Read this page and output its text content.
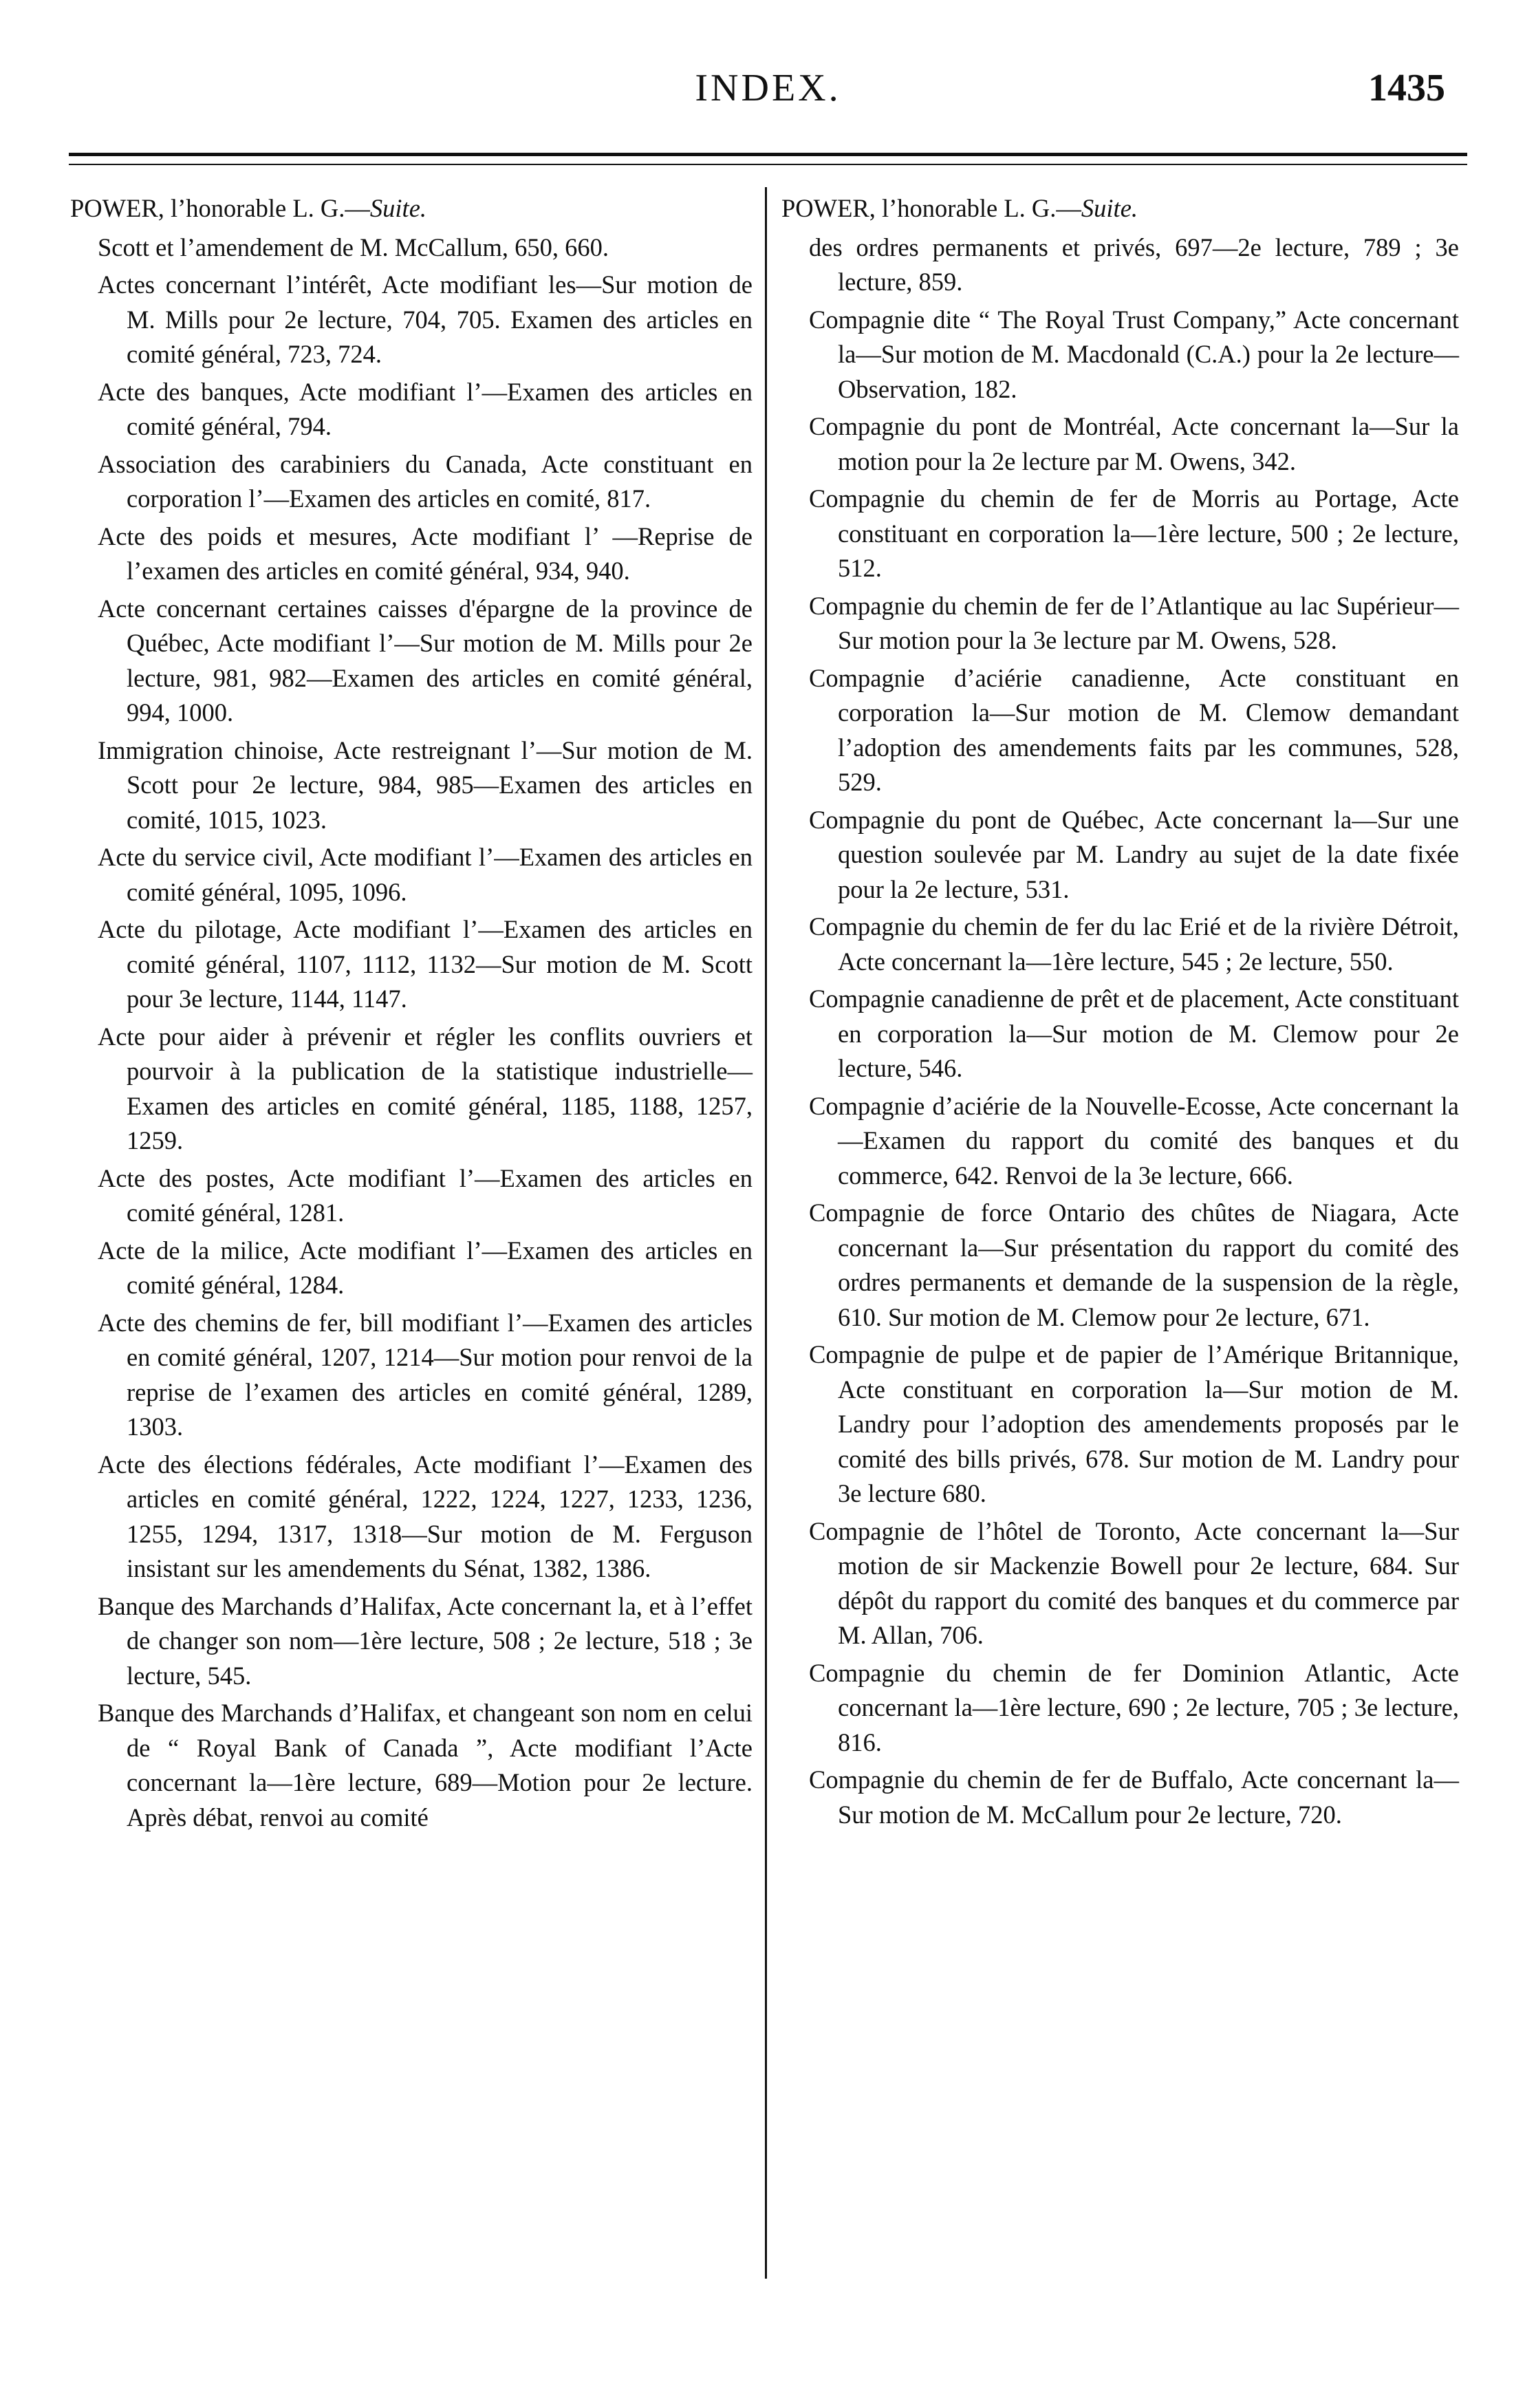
INDEX.	1435

POWER, l’honorable L. G.—Suite.

Scott et l’amendement de M. McCallum, 650, 660.

Actes concernant l’intérêt, Acte modifiant les—Sur motion de M. Mills pour 2e lecture, 704, 705. Examen des articles en comité général, 723, 724.

Acte des banques, Acte modifiant l’—Examen des articles en comité général, 794.

Association des carabiniers du Canada, Acte constituant en corporation l’—Examen des articles en comité, 817.

Acte des poids et mesures, Acte modifiant l’ —Reprise de l’examen des articles en comité général, 934, 940.

Acte concernant certaines caisses d'épargne de la province de Québec, Acte modifiant l’—Sur motion de M. Mills pour 2e lecture, 981, 982—Examen des articles en comité général, 994, 1000.

Immigration chinoise, Acte restreignant l’—Sur motion de M. Scott pour 2e lecture, 984, 985—Examen des articles en comité, 1015, 1023.

Acte du service civil, Acte modifiant l’—Examen des articles en comité général, 1095, 1096.

Acte du pilotage, Acte modifiant l’—Examen des articles en comité général, 1107, 1112, 1132—Sur motion de M. Scott pour 3e lecture, 1144, 1147.

Acte pour aider à prévenir et régler les conflits ouvriers et pourvoir à la publication de la statistique industrielle—Examen des articles en comité général, 1185, 1188, 1257, 1259.

Acte des postes, Acte modifiant l’—Examen des articles en comité général, 1281.

Acte de la milice, Acte modifiant l’—Examen des articles en comité général, 1284.

Acte des chemins de fer, bill modifiant l’—Examen des articles en comité général, 1207, 1214—Sur motion pour renvoi de la reprise de l’examen des articles en comité général, 1289, 1303.

Acte des élections fédérales, Acte modifiant l’—Examen des articles en comité général, 1222, 1224, 1227, 1233, 1236, 1255, 1294, 1317, 1318—Sur motion de M. Ferguson insistant sur les amendements du Sénat, 1382, 1386.

Banque des Marchands d’Halifax, Acte concernant la, et à l’effet de changer son nom—1ère lecture, 508 ; 2e lecture, 518 ; 3e lecture, 545.

Banque des Marchands d’Halifax, et changeant son nom en celui de “ Royal Bank of Canada ”, Acte modifiant l’Acte concernant la—1ère lecture, 689—Motion pour 2e lecture. Après débat, renvoi au comité

POWER, l’honorable L. G.—Suite.

des ordres permanents et privés, 697—2e lecture, 789 ; 3e lecture, 859.

Compagnie dite “ The Royal Trust Company,” Acte concernant la—Sur motion de M. Macdonald (C.A.) pour la 2e lecture—Observation, 182.

Compagnie du pont de Montréal, Acte concernant la—Sur la motion pour la 2e lecture par M. Owens, 342.

Compagnie du chemin de fer de Morris au Portage, Acte constituant en corporation la—1ère lecture, 500 ; 2e lecture, 512.

Compagnie du chemin de fer de l’Atlantique au lac Supérieur—Sur motion pour la 3e lecture par M. Owens, 528.

Compagnie d’aciérie canadienne, Acte constituant en corporation la—Sur motion de M. Clemow demandant l’adoption des amendements faits par les communes, 528, 529.

Compagnie du pont de Québec, Acte concernant la—Sur une question soulevée par M. Landry au sujet de la date fixée pour la 2e lecture, 531.

Compagnie du chemin de fer du lac Erié et de la rivière Détroit, Acte concernant la—1ère lecture, 545 ; 2e lecture, 550.

Compagnie canadienne de prêt et de placement, Acte constituant en corporation la—Sur motion de M. Clemow pour 2e lecture, 546.

Compagnie d’aciérie de la Nouvelle-Ecosse, Acte concernant la—Examen du rapport du comité des banques et du commerce, 642. Renvoi de la 3e lecture, 666.

Compagnie de force Ontario des chûtes de Niagara, Acte concernant la—Sur présentation du rapport du comité des ordres permanents et demande de la suspension de la règle, 610. Sur motion de M. Clemow pour 2e lecture, 671.

Compagnie de pulpe et de papier de l’Amérique Britannique, Acte constituant en corporation la—Sur motion de M. Landry pour l’adoption des amendements proposés par le comité des bills privés, 678. Sur motion de M. Landry pour 3e lecture 680.

Compagnie de l’hôtel de Toronto, Acte concernant la—Sur motion de sir Mackenzie Bowell pour 2e lecture, 684. Sur dépôt du rapport du comité des banques et du commerce par M. Allan, 706.

Compagnie du chemin de fer Dominion Atlantic, Acte concernant la—1ère lecture, 690 ; 2e lecture, 705 ; 3e lecture, 816.

Compagnie du chemin de fer de Buffalo, Acte concernant la—Sur motion de M. McCallum pour 2e lecture, 720.
